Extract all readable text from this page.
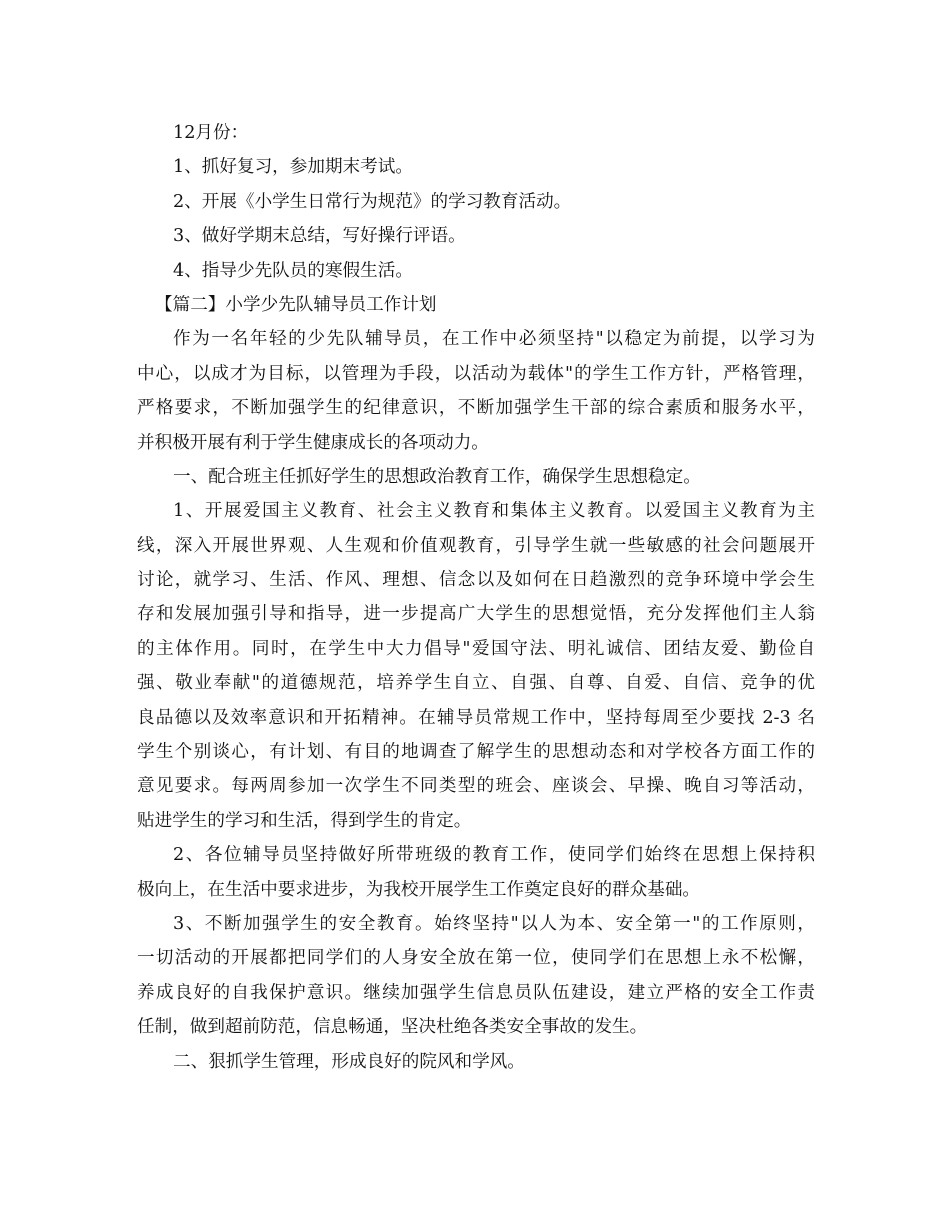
12月份：
1、抓好复习，参加期末考试。
2、开展《小学生日常行为规范》的学习教育活动。
3、做好学期末总结，写好操行评语。
4、指导少先队员的寒假生活。
【篇二】小学少先队辅导员工作计划
作为一名年轻的少先队辅导员，在工作中必须坚持"以稳定为前提，以学习为
中心，以成才为目标，以管理为手段，以活动为载体"的学生工作方针，严格管理，
严格要求，不断加强学生的纪律意识，不断加强学生干部的综合素质和服务水平，
并积极开展有利于学生健康成长的各项动力。
一、配合班主任抓好学生的思想政治教育工作，确保学生思想稳定。
1、开展爱国主义教育、社会主义教育和集体主义教育。以爱国主义教育为主
线，深入开展世界观、人生观和价值观教育，引导学生就一些敏感的社会问题展开
讨论，就学习、生活、作风、理想、信念以及如何在日趋激烈的竞争环境中学会生
存和发展加强引导和指导，进一步提高广大学生的思想觉悟，充分发挥他们主人翁
的主体作用。同时，在学生中大力倡导"爱国守法、明礼诚信、团结友爱、勤俭自
强、敬业奉献"的道德规范，培养学生自立、自强、自尊、自爱、自信、竞争的优
良品德以及效率意识和开拓精神。在辅导员常规工作中，坚持每周至少要找 2-3 名
学生个别谈心，有计划、有目的地调查了解学生的思想动态和对学校各方面工作的
意见要求。每两周参加一次学生不同类型的班会、座谈会、早操、晚自习等活动，
贴进学生的学习和生活，得到学生的肯定。
2、各位辅导员坚持做好所带班级的教育工作，使同学们始终在思想上保持积
极向上，在生活中要求进步，为我校开展学生工作奠定良好的群众基础。
3、不断加强学生的安全教育。始终坚持"以人为本、安全第一"的工作原则，
一切活动的开展都把同学们的人身安全放在第一位，使同学们在思想上永不松懈，
养成良好的自我保护意识。继续加强学生信息员队伍建设，建立严格的安全工作责
任制，做到超前防范，信息畅通，坚决杜绝各类安全事故的发生。
二、狠抓学生管理，形成良好的院风和学风。
